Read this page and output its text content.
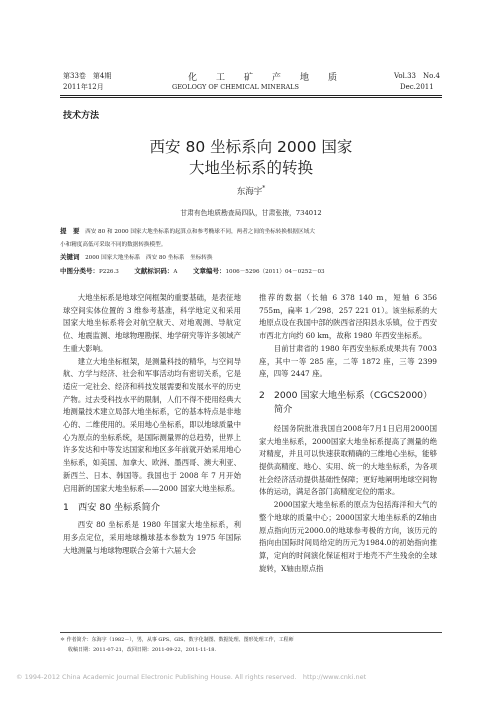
第33卷　第4期
2011年12月
化　工　矿　产　地　质
GEOLOGY OF CHEMICAL MINERALS
Vol.33　No.4
Dec.2011
技术方法
西安 80 坐标系向 2000 国家
大地坐标系的转换
东海宇*
甘肃有色地质勘查局四队，甘肃张掖，734012
提　要　西安 80 和 2000 国家大地坐标系的起算点和参考椭球不同，两者之间的坐标转换根据区域大
小和精度高低可采取不同的数据转换模型。
关键词　2000 国家大地坐标系　西安 80 坐标系　坐标转换
中图分类号：P226.3 文献标识码：A 文章编号：1006－5296（2011）04－0252－03

大地坐标系是地球空间框架的重要基础，是表征地球空间实体位置的 3 维参考基准，科学地定义和采用国家大地坐标系将会对航空航天、对地观测、导航定位、地震监测、地球物理勘探、地学研究等许多领域产生重大影响。

建立大地坐标框架，是测量科技的精华，与空间导航、方学与经济、社会和军事活动均有密切关系，它是适应一定社会、经济和科技发展需要和发展水平的历史产物。过去受科技水平的限制，人们不得不使用经典大地测量技术建立局部大地坐标系，它的基本特点是非地心的、二维使用的。采用地心坐标系，即以地球质量中心为原点的坐标系统，是国际测量界的总趋势，世界上许多发达和中等发达国家和地区多年前就开始采用地心坐标系，如美国、加拿大、欧洲、墨西哥、澳大利亚、新西兰、日本、韩国等。我国也于 2008 年 7 月开始启用新的国家大地坐标系——2000 国家大地坐标系。

1　 西安 80 坐标系简介

西安 80 坐标系是 1980 年国家大地坐标系，利用多点定位，采用地球椭球基本参数为 1975 年国际大地测量与地球物理联合会第十六届大会

推荐的数据（长轴 6 378 140 m，短轴 6 356 755m，扁率 1／298．257 221 01）。该坐标系的大地原点设在我国中部的陕西省泾阳县永乐镇，位于西安市西北方向约 60 km，故称 1980 年西安坐标系。

目前甘肃省的 1980 年西安坐标系成果共有 7003 座，其中一等 285 座，二等 1872 座，三等 2399 座，四等 2447 座。

2　 2000 国家大地坐标系（CGCS2000）
简介

经国务院批准我国自2008年7月1日启用2000国家大地坐标系，2000国家大地坐标系提高了测量的绝对精度，并且可以快速获取精确的三维地心坐标，能够提供高精度、地心、实用、统一的大地坐标系，为各项社会经济活动提供基础性保障；更好地阐明地球空间物体的运动，满足各部门高精度定位的需求。

2000国家大地坐标系的原点为包括海洋和大气的整个地球的质量中心；2000国家大地坐标系的Z轴由原点指向历元2000.0的地球参考极的方向，该历元的指向由国际时间局给定的历元为1984.0的初始指向推算，定向的时间演化保证相对于地壳不产生残余的全球旋转，X轴由原点指

＊ 作者简介：东海宇（1982－），男，从事 GPS、GIS、数字化制图、数据处理、图形处理工作，工程师
收稿日期：2011-07-21，改回日期：2011-09-22，2011-11-18.
© 1994-2012 China Academic Journal Electronic Publishing House. All rights reserved.　http://www.cnki.net
